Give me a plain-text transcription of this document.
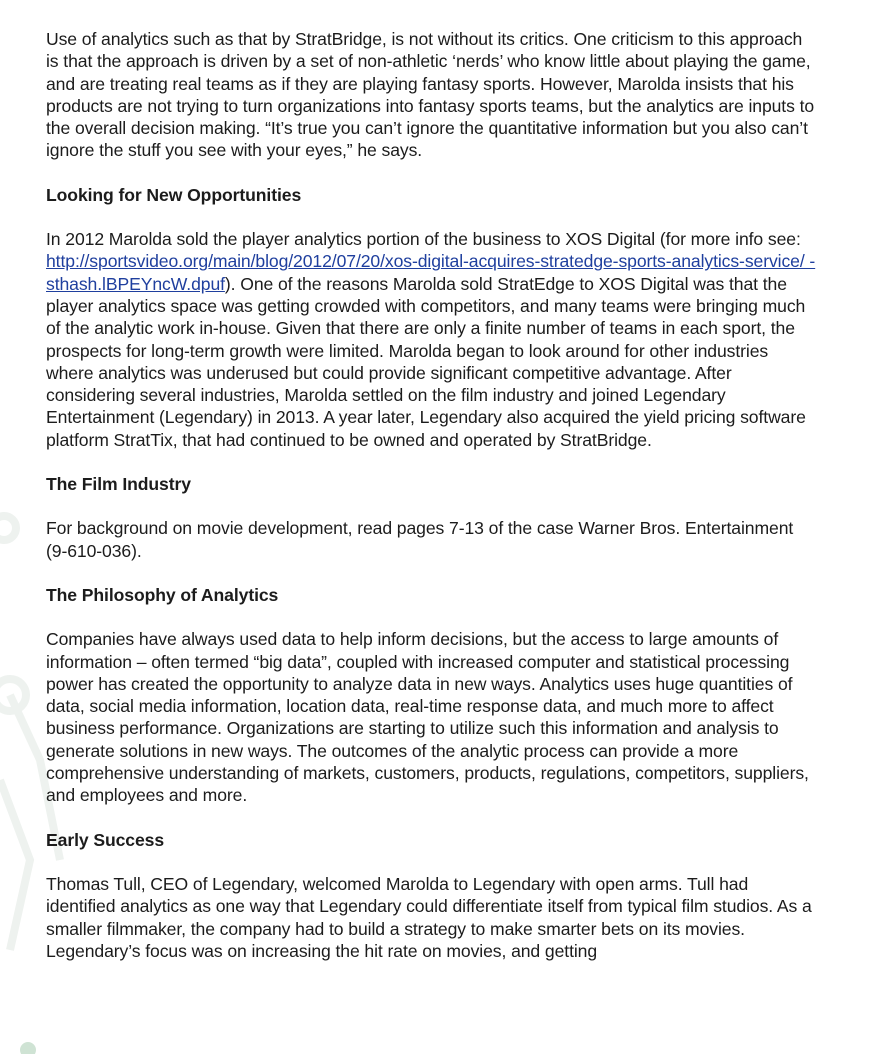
Use of analytics such as that by StratBridge, is not without its critics. One criticism to this approach is that the approach is driven by a set of non-athletic ‘nerds’ who know little about playing the game, and are treating real teams as if they are playing fantasy sports. However, Marolda insists that his products are not trying to turn organizations into fantasy sports teams, but the analytics are inputs to the overall decision making. “It’s true you can’t ignore the quantitative information but you also can’t ignore the stuff you see with your eyes,” he says.

Looking for New Opportunities

In 2012 Marolda sold the player analytics portion of the business to XOS Digital (for more info see: http://sportsvideo.org/main/blog/2012/07/20/xos-digital-acquires-stratedge-sports-analytics-service/ - sthash.lBPEYncW.dpuf). One of the reasons Marolda sold StratEdge to XOS Digital was that the player analytics space was getting crowded with competitors, and many teams were bringing much of the analytic work in-house. Given that there are only a finite number of teams in each sport, the prospects for long-term growth were limited. Marolda began to look around for other industries where analytics was underused but could provide significant competitive advantage. After considering several industries, Marolda settled on the film industry and joined Legendary Entertainment (Legendary) in 2013. A year later, Legendary also acquired the yield pricing software platform StratTix, that had continued to be owned and operated by StratBridge.

The Film Industry

For background on movie development, read pages 7-13 of the case Warner Bros. Entertainment (9-610-036).

The Philosophy of Analytics

Companies have always used data to help inform decisions, but the access to large amounts of information – often termed “big data”, coupled with increased computer and statistical processing power has created the opportunity to analyze data in new ways. Analytics uses huge quantities of data, social media information, location data, real-time response data, and much more to affect business performance. Organizations are starting to utilize such this information and analysis to generate solutions in new ways. The outcomes of the analytic process can provide a more comprehensive understanding of markets, customers, products, regulations, competitors, suppliers, and employees and more.

Early Success

Thomas Tull, CEO of Legendary, welcomed Marolda to Legendary with open arms. Tull had identified analytics as one way that Legendary could differentiate itself from typical film studios. As a smaller filmmaker, the company had to build a strategy to make smarter bets on its movies. Legendary’s focus was on increasing the hit rate on movies, and getting
